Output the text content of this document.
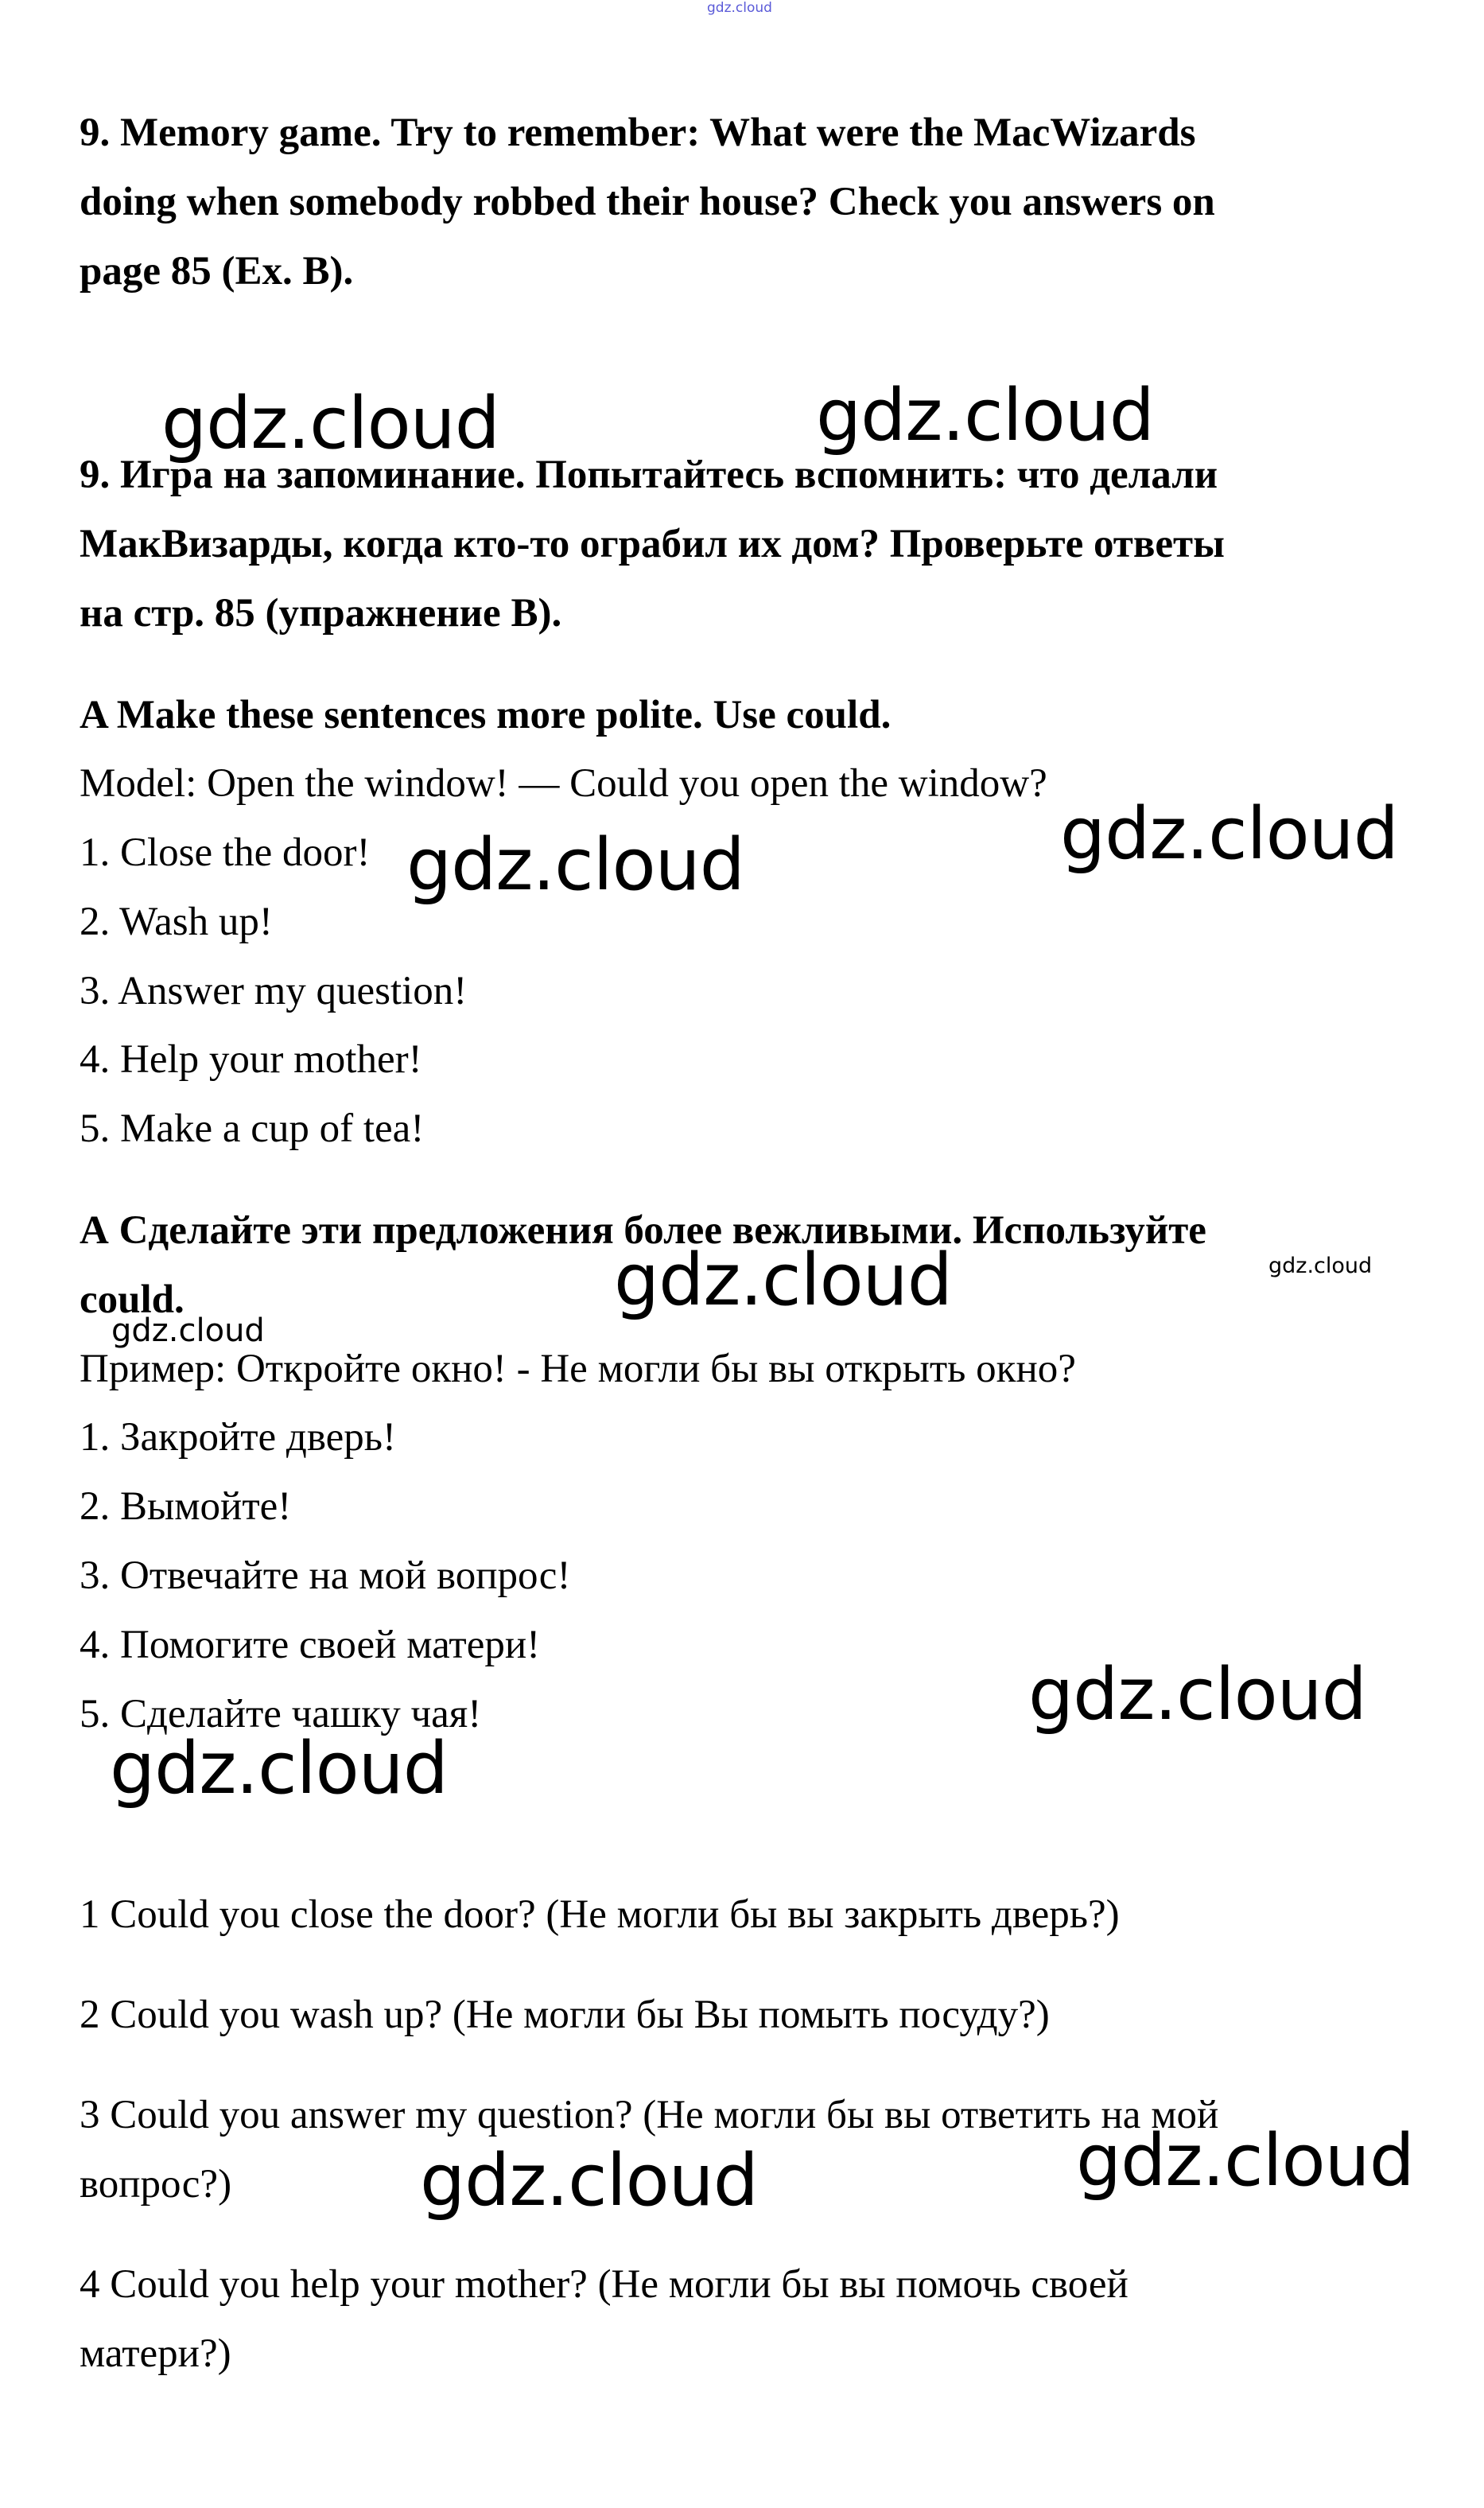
gdz.cloud
9. Memory game. Try to remember: What were the MacWizards
doing when somebody robbed their house? Check you answers on
page 85 (Ex. B).
9. Игра на запоминание. Попытайтесь вспомнить: что делали
МакВизарды, когда кто-то ограбил их дом? Проверьте ответы
на стр. 85 (упражнение В).
A Make these sentences more polite. Use could.
Model: Open the window! — Could you open the window?
1. Close the door!
2. Wash up!
3. Answer my question!
4. Help your mother!
5. Make a cup of tea!
А Сделайте эти предложения более вежливыми. Используйте
could.
Пример: Откройте окно! - Не могли бы вы открыть окно?
1. Закройте дверь!
2. Вымойте!
3. Отвечайте на мой вопрос!
4. Помогите своей матери!
5. Сделайте чашку чая!
1 Could you close the door? (Не могли бы вы закрыть дверь?)
2 Could you wash up? (Не могли бы Вы помыть посуду?)
3 Could you answer my question? (Не могли бы вы ответить на мой
вопрос?)
4 Could you help your mother? (Не могли бы вы помочь своей
матери?)
gdz.cloud	gdz.cloud
gdz.cloud	gdz.cloud
gdz.cloud
gdz.cloud
gdz.cloud
gdz.cloud	gdz.cloud
gdz.cloud
gdz.cloud
